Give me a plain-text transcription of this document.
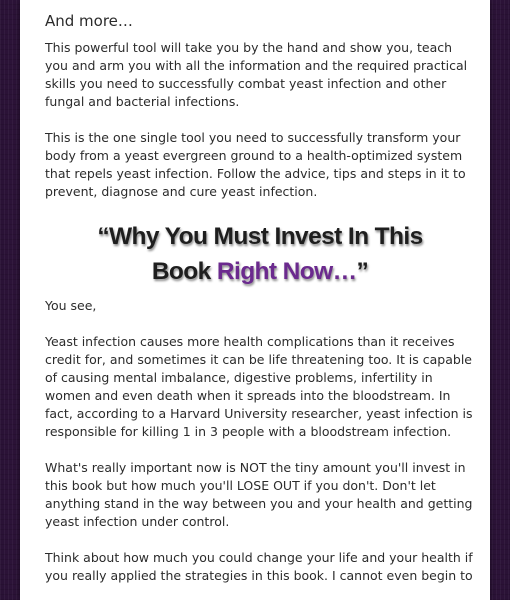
And more…

This powerful tool will take you by the hand and show you, teach you and arm you with all the information and the required practical skills you need to successfully combat yeast infection and other fungal and bacterial infections.

This is the one single tool you need to successfully transform your body from a yeast evergreen ground to a health-optimized system that repels yeast infection. Follow the advice, tips and steps in it to prevent, diagnose and cure yeast infection.

“Why You Must Invest In This
Book Right Now…”

You see,

Yeast infection causes more health complications than it receives credit for, and sometimes it can be life threatening too. It is capable of causing mental imbalance, digestive problems, infertility in women and even death when it spreads into the bloodstream. In fact, according to a Harvard University researcher, yeast infection is responsible for killing 1 in 3 people with a bloodstream infection.

What's really important now is NOT the tiny amount you'll invest in this book but how much you'll LOSE OUT if you don't. Don't let anything stand in the way between you and your health and getting yeast infection under control.

Think about how much you could change your life and your health if you really applied the strategies in this book. I cannot even begin to
